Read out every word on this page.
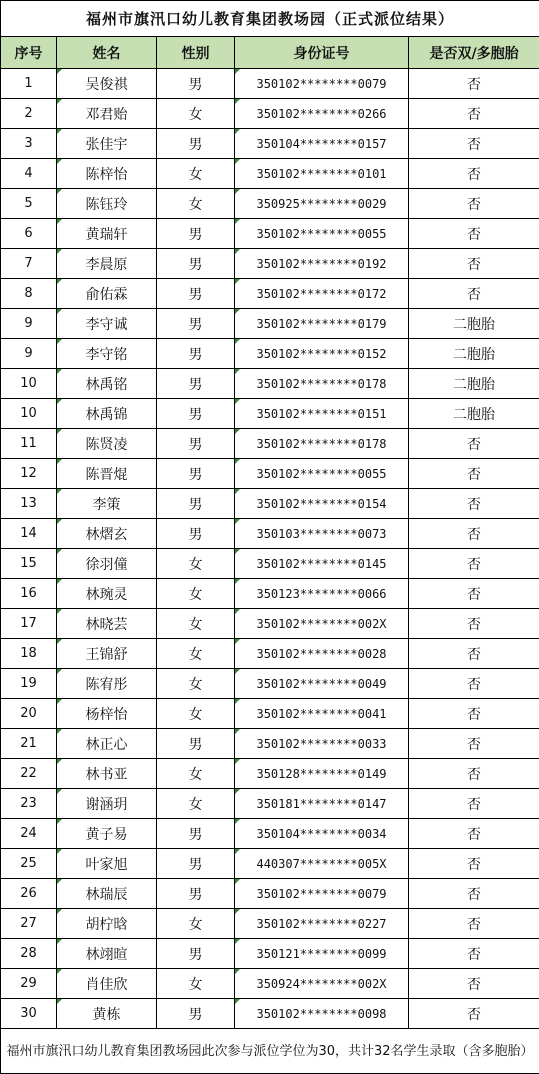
福州市旗汛口幼儿教育集团教场园（正式派位结果）				
序号	姓名	性别	身份证号	是否双/多胞胎
1	吴俊祺	男	350102********0079	否
2	邓君贻	女	350102********0266	否
3	张佳宇	男	350104********0157	否
4	陈梓怡	女	350102********0101	否
5	陈钰玲	女	350925********0029	否
6	黄瑞轩	男	350102********0055	否
7	李晨原	男	350102********0192	否
8	俞佑霖	男	350102********0172	否
9	李守诚	男	350102********0179	二胞胎
9	李守铭	男	350102********0152	二胞胎
10	林禹铭	男	350102********0178	二胞胎
10	林禹锦	男	350102********0151	二胞胎
11	陈贤凌	男	350102********0178	否
12	陈晋焜	男	350102********0055	否
13	李策	男	350102********0154	否
14	林熠玄	男	350103********0073	否
15	徐羽僮	女	350102********0145	否
16	林琬灵	女	350123********0066	否
17	林晓芸	女	350102********002X	否
18	王锦舒	女	350102********0028	否
19	陈宥彤	女	350102********0049	否
20	杨梓怡	女	350102********0041	否
21	林正心	男	350102********0033	否
22	林书亚	女	350128********0149	否
23	谢涵玥	女	350181********0147	否
24	黄子易	男	350104********0034	否
25	叶家旭	男	440307********005X	否
26	林瑞辰	男	350102********0079	否
27	胡柠晗	女	350102********0227	否
28	林翊暄	男	350121********0099	否
29	肖佳欣	女	350924********002X	否
30	黄栋	男	350102********0098	否
福州市旗汛口幼儿教育集团教场园此次参与派位学位为30，共计32名学生录取（含多胞胎）				
